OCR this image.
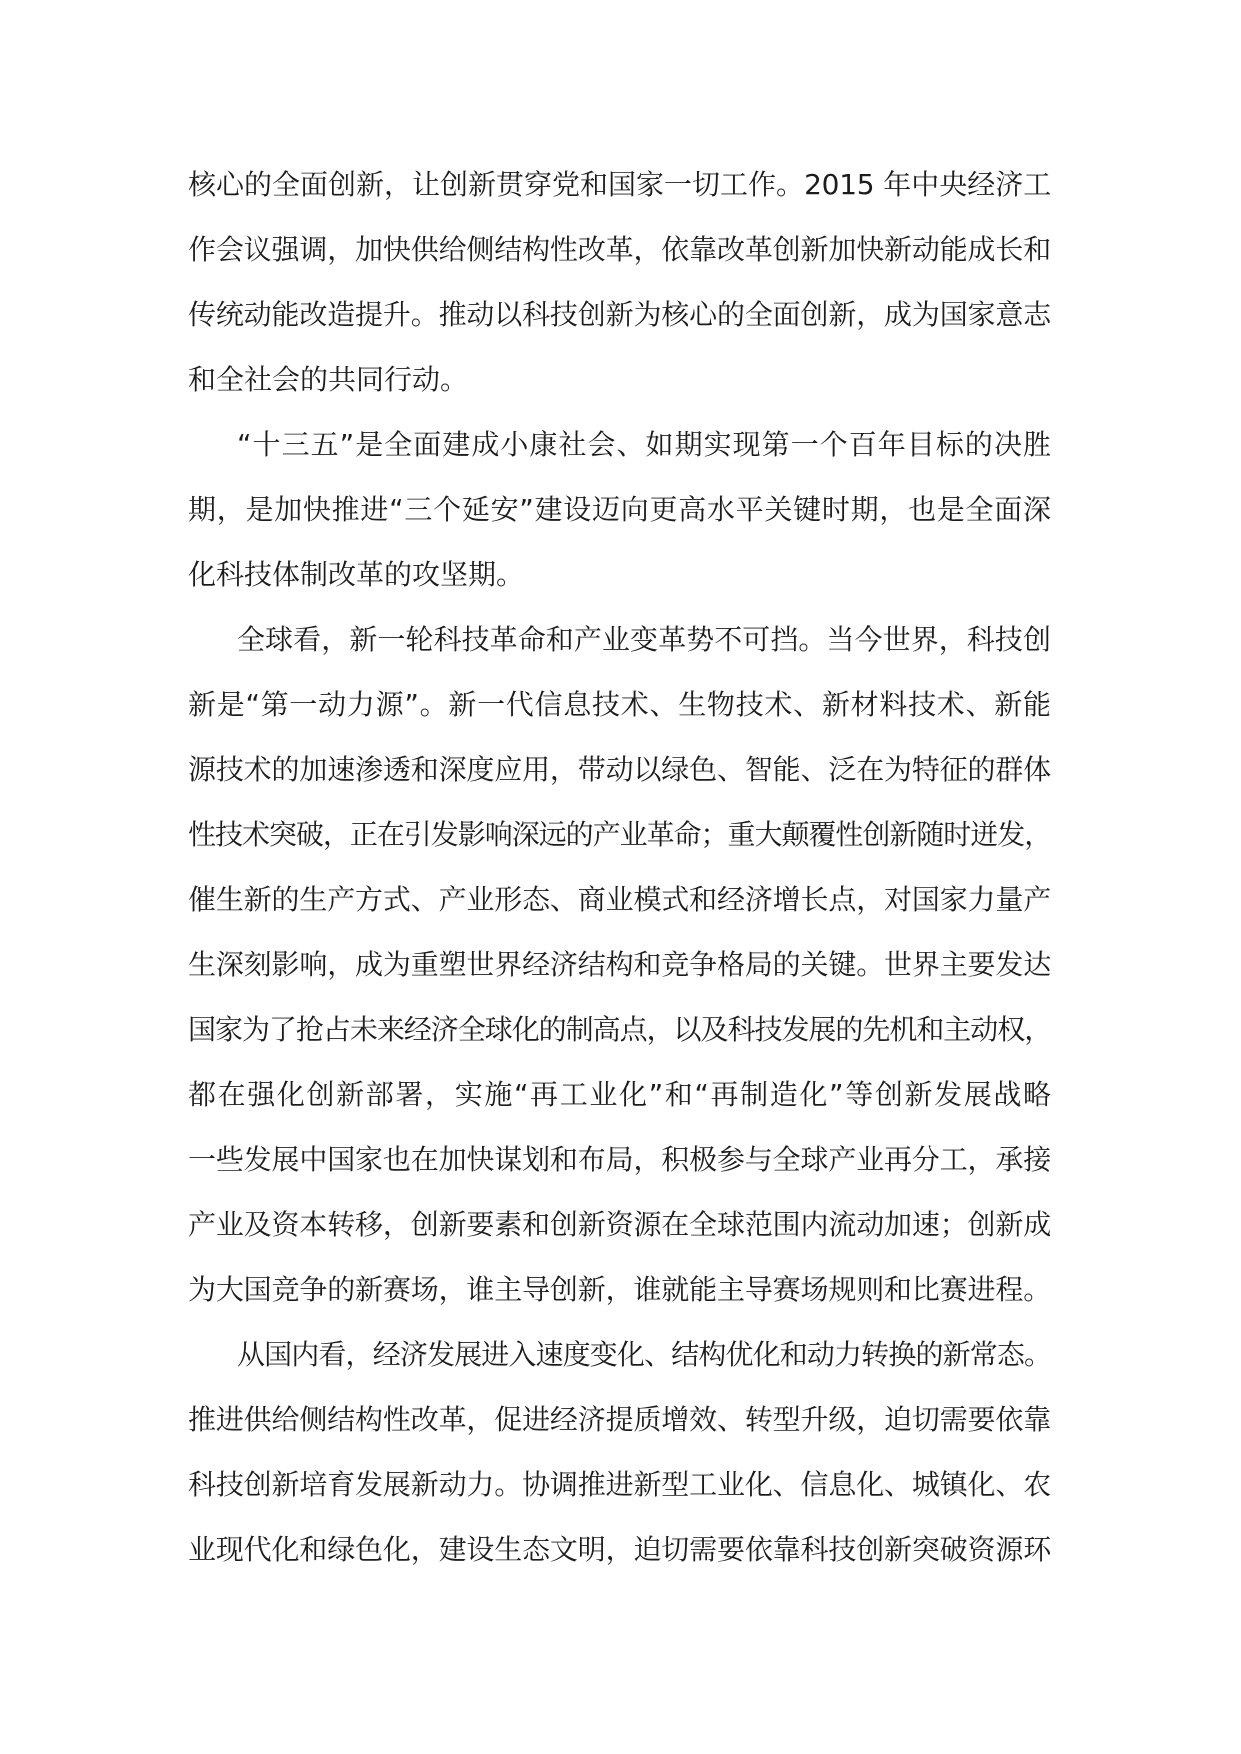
核心的全面创新，让创新贯穿党和国家一切工作。2015 年中央经济工
作会议强调，加快供给侧结构性改革，依靠改革创新加快新动能成长和
传统动能改造提升。推动以科技创新为核心的全面创新，成为国家意志
和全社会的共同行动。
“十三五”是全面建成小康社会、如期实现第一个百年目标的决胜
期，是加快推进“三个延安”建设迈向更高水平关键时期，也是全面深
化科技体制改革的攻坚期。
全球看，新一轮科技革命和产业变革势不可挡。当今世界，科技创
新是“第一动力源”。新一代信息技术、生物技术、新材料技术、新能
源技术的加速渗透和深度应用，带动以绿色、智能、泛在为特征的群体
性技术突破，正在引发影响深远的产业革命；重大颠覆性创新随时迸发，
催生新的生产方式、产业形态、商业模式和经济增长点，对国家力量产
生深刻影响，成为重塑世界经济结构和竞争格局的关键。世界主要发达
国家为了抢占未来经济全球化的制高点，以及科技发展的先机和主动权，
都在强化创新部署，实施“再工业化”和“再制造化”等创新发展战略
一些发展中国家也在加快谋划和布局，积极参与全球产业再分工，承接
产业及资本转移，创新要素和创新资源在全球范围内流动加速；创新成
为大国竞争的新赛场，谁主导创新，谁就能主导赛场规则和比赛进程。
从国内看，经济发展进入速度变化、结构优化和动力转换的新常态。
推进供给侧结构性改革，促进经济提质增效、转型升级，迫切需要依靠
科技创新培育发展新动力。协调推进新型工业化、信息化、城镇化、农
业现代化和绿色化，建设生态文明，迫切需要依靠科技创新突破资源环
